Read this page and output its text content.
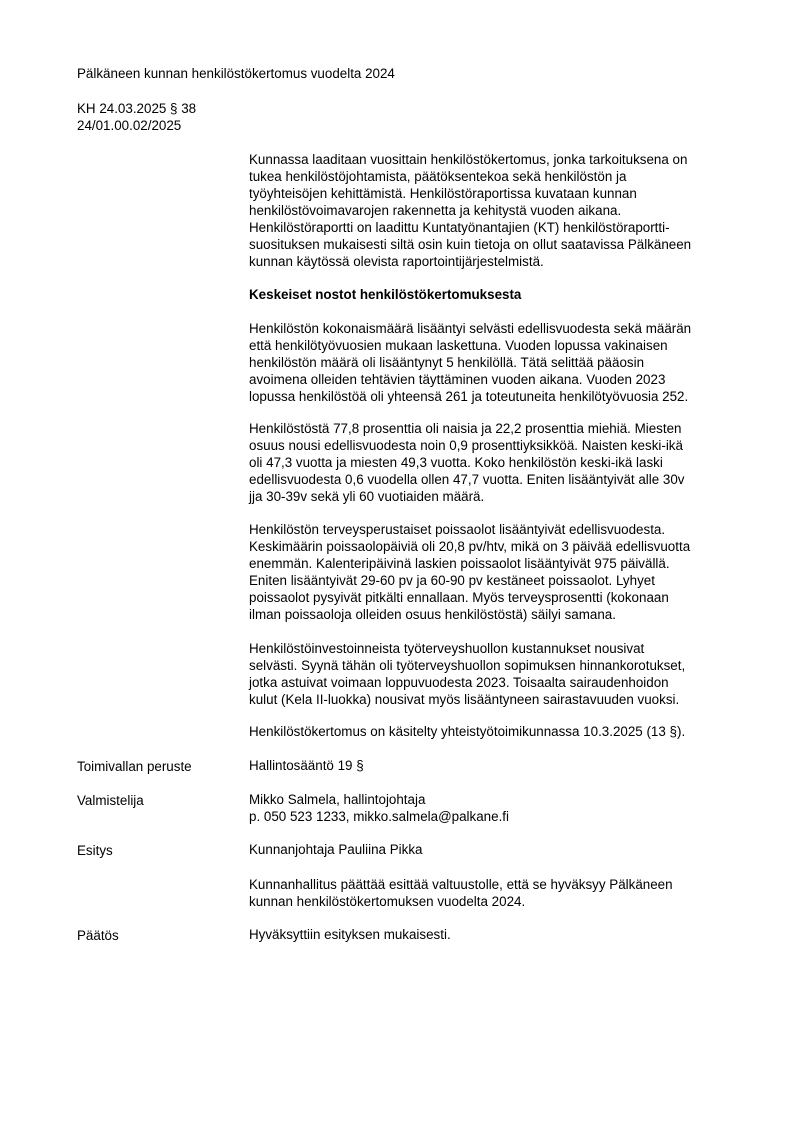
Pälkäneen kunnan henkilöstökertomus vuodelta 2024

KH 24.03.2025 § 38

24/01.00.02/2025

Kunnassa laaditaan vuosittain henkilöstökertomus, jonka tarkoituksena on
tukea henkilöstöjohtamista, päätöksentekoa sekä henkilöstön ja
työyhteisöjen kehittämistä. Henkilöstöraportissa kuvataan kunnan
henkilöstövoimavarojen rakennetta ja kehitystä vuoden aikana.
Henkilöstöraportti on laadittu Kuntatyönantajien (KT) henkilöstöraportti-
suosituksen mukaisesti siltä osin kuin tietoja on ollut saatavissa Pälkäneen
kunnan käytössä olevista raportointijärjestelmistä.

Keskeiset nostot henkilöstökertomuksesta

Henkilöstön kokonaismäärä lisääntyi selvästi edellisvuodesta sekä määrän
että henkilötyövuosien mukaan laskettuna. Vuoden lopussa vakinaisen
henkilöstön määrä oli lisääntynyt 5 henkilöllä. Tätä selittää pääosin
avoimena olleiden tehtävien täyttäminen vuoden aikana. Vuoden 2023
lopussa henkilöstöä oli yhteensä 261 ja toteutuneita henkilötyövuosia 252.
Henkilöstöstä 77,8 prosenttia oli naisia ja 22,2 prosenttia miehiä. Miesten
osuus nousi edellisvuodesta noin 0,9 prosenttiyksikköä. Naisten keski-ikä
oli 47,3 vuotta ja miesten 49,3 vuotta. Koko henkilöstön keski-ikä laski
edellisvuodesta 0,6 vuodella ollen 47,7 vuotta. Eniten lisääntyivät alle 30v
jja 30-39v sekä yli 60 vuotiaiden määrä.
Henkilöstön terveysperustaiset poissaolot lisääntyivät edellisvuodesta.
Keskimäärin poissaolopäiviä oli 20,8 pv/htv, mikä on 3 päivää edellisvuotta
enemmän. Kalenteripäivinä laskien poissaolot lisääntyivät 975 päivällä.
Eniten lisääntyivät 29-60 pv ja 60-90 pv kestäneet poissaolot. Lyhyet
poissaolot pysyivät pitkälti ennallaan. Myös terveysprosentti (kokonaan
ilman poissaoloja olleiden osuus henkilöstöstä) säilyi samana.
Henkilöstöinvestoinneista työterveyshuollon kustannukset nousivat
selvästi. Syynä tähän oli työterveyshuollon sopimuksen hinnankorotukset,
jotka astuivat voimaan loppuvuodesta 2023. Toisaalta sairaudenhoidon
kulut (Kela II-luokka) nousivat myös lisääntyneen sairastavuuden vuoksi.

Henkilöstökertomus on käsitelty yhteistyötoimikunnassa 10.3.2025 (13 §).

Toimivallan peruste	Hallintosääntö 19 §

Valmistelija	Mikko Salmela, hallintojohtaja

p. 050 523 1233, mikko.salmela@palkane.fi

Esitys	Kunnanjohtaja Pauliina Pikka

Kunnanhallitus päättää esittää valtuustolle, että se hyväksyy Pälkäneen
kunnan henkilöstökertomuksen vuodelta 2024.

Päätös	Hyväksyttiin esityksen mukaisesti.
